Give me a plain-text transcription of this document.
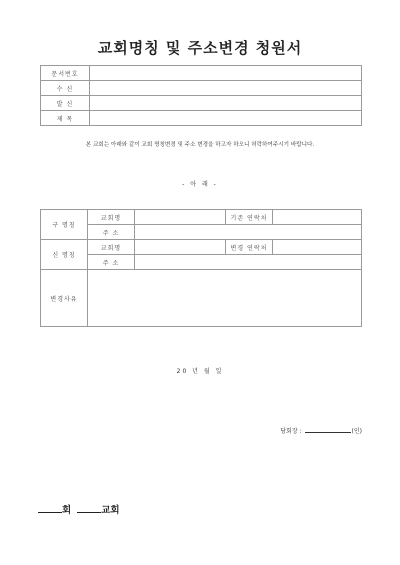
교회명칭 및 주소변경 청원서
문서번호	
수 신	
발 신	
제 목	
본 교회는 아래와 같이 교회 명칭변경 및 주소 변경을 하고자 하오니 허락하여주시기 바랍니다.
- 아 래 -
구 명칭	교회명		기존 연락처	
	주 소			
신 명칭	교회명		변경 연락처	
	주 소			
변경사유				
20 년 월 일
당회장 :	(인)
회	교회
